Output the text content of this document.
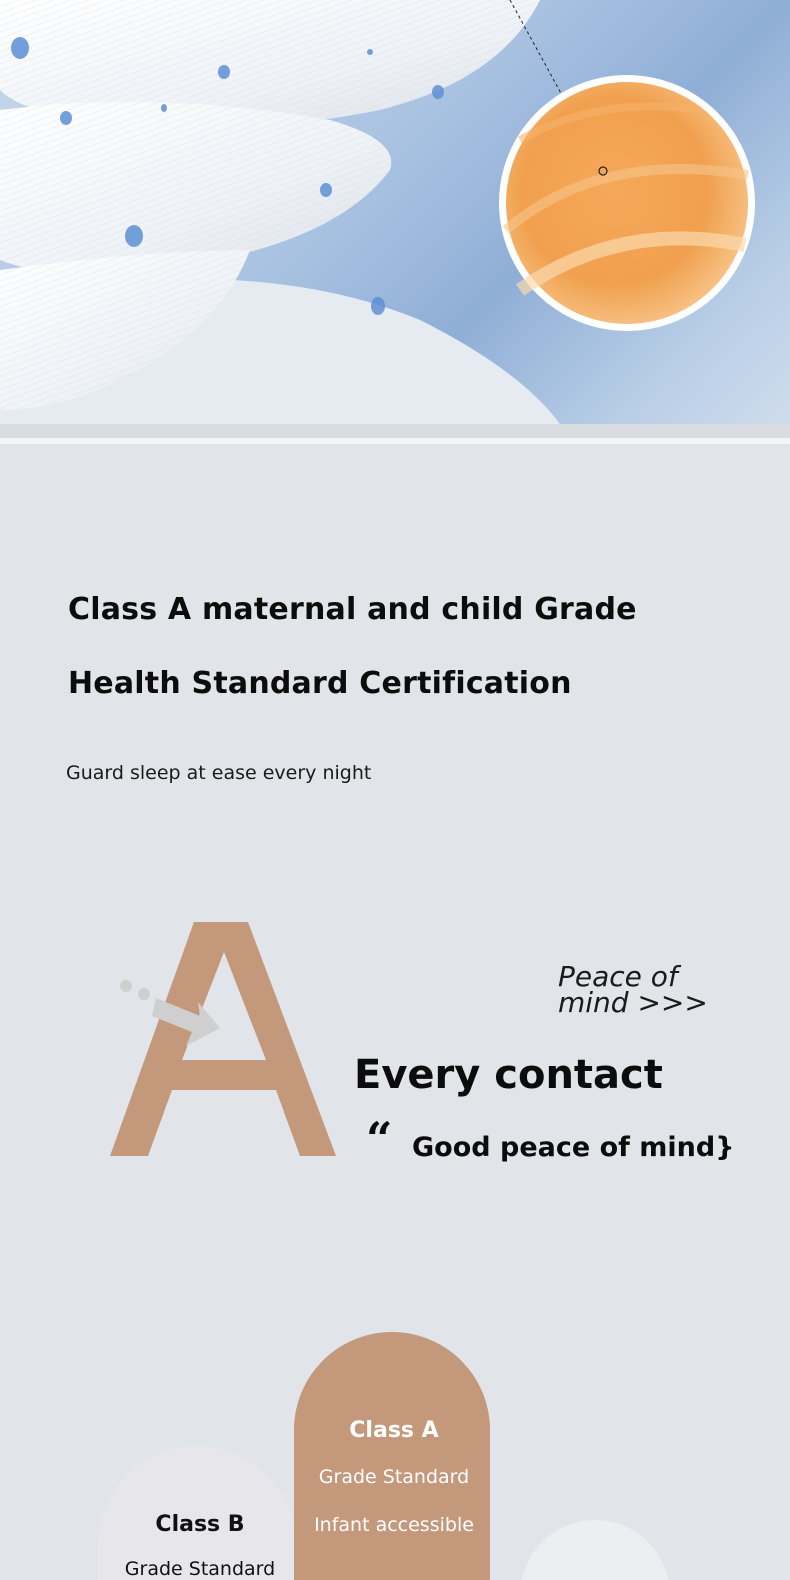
Class A maternal and child Grade
Health Standard Certification
Guard sleep at ease every night
Peace of
mind >>>
Every contact
“ Good peace of mind}
Class A
Grade Standard
Infant accessible
Class B
Grade Standard
